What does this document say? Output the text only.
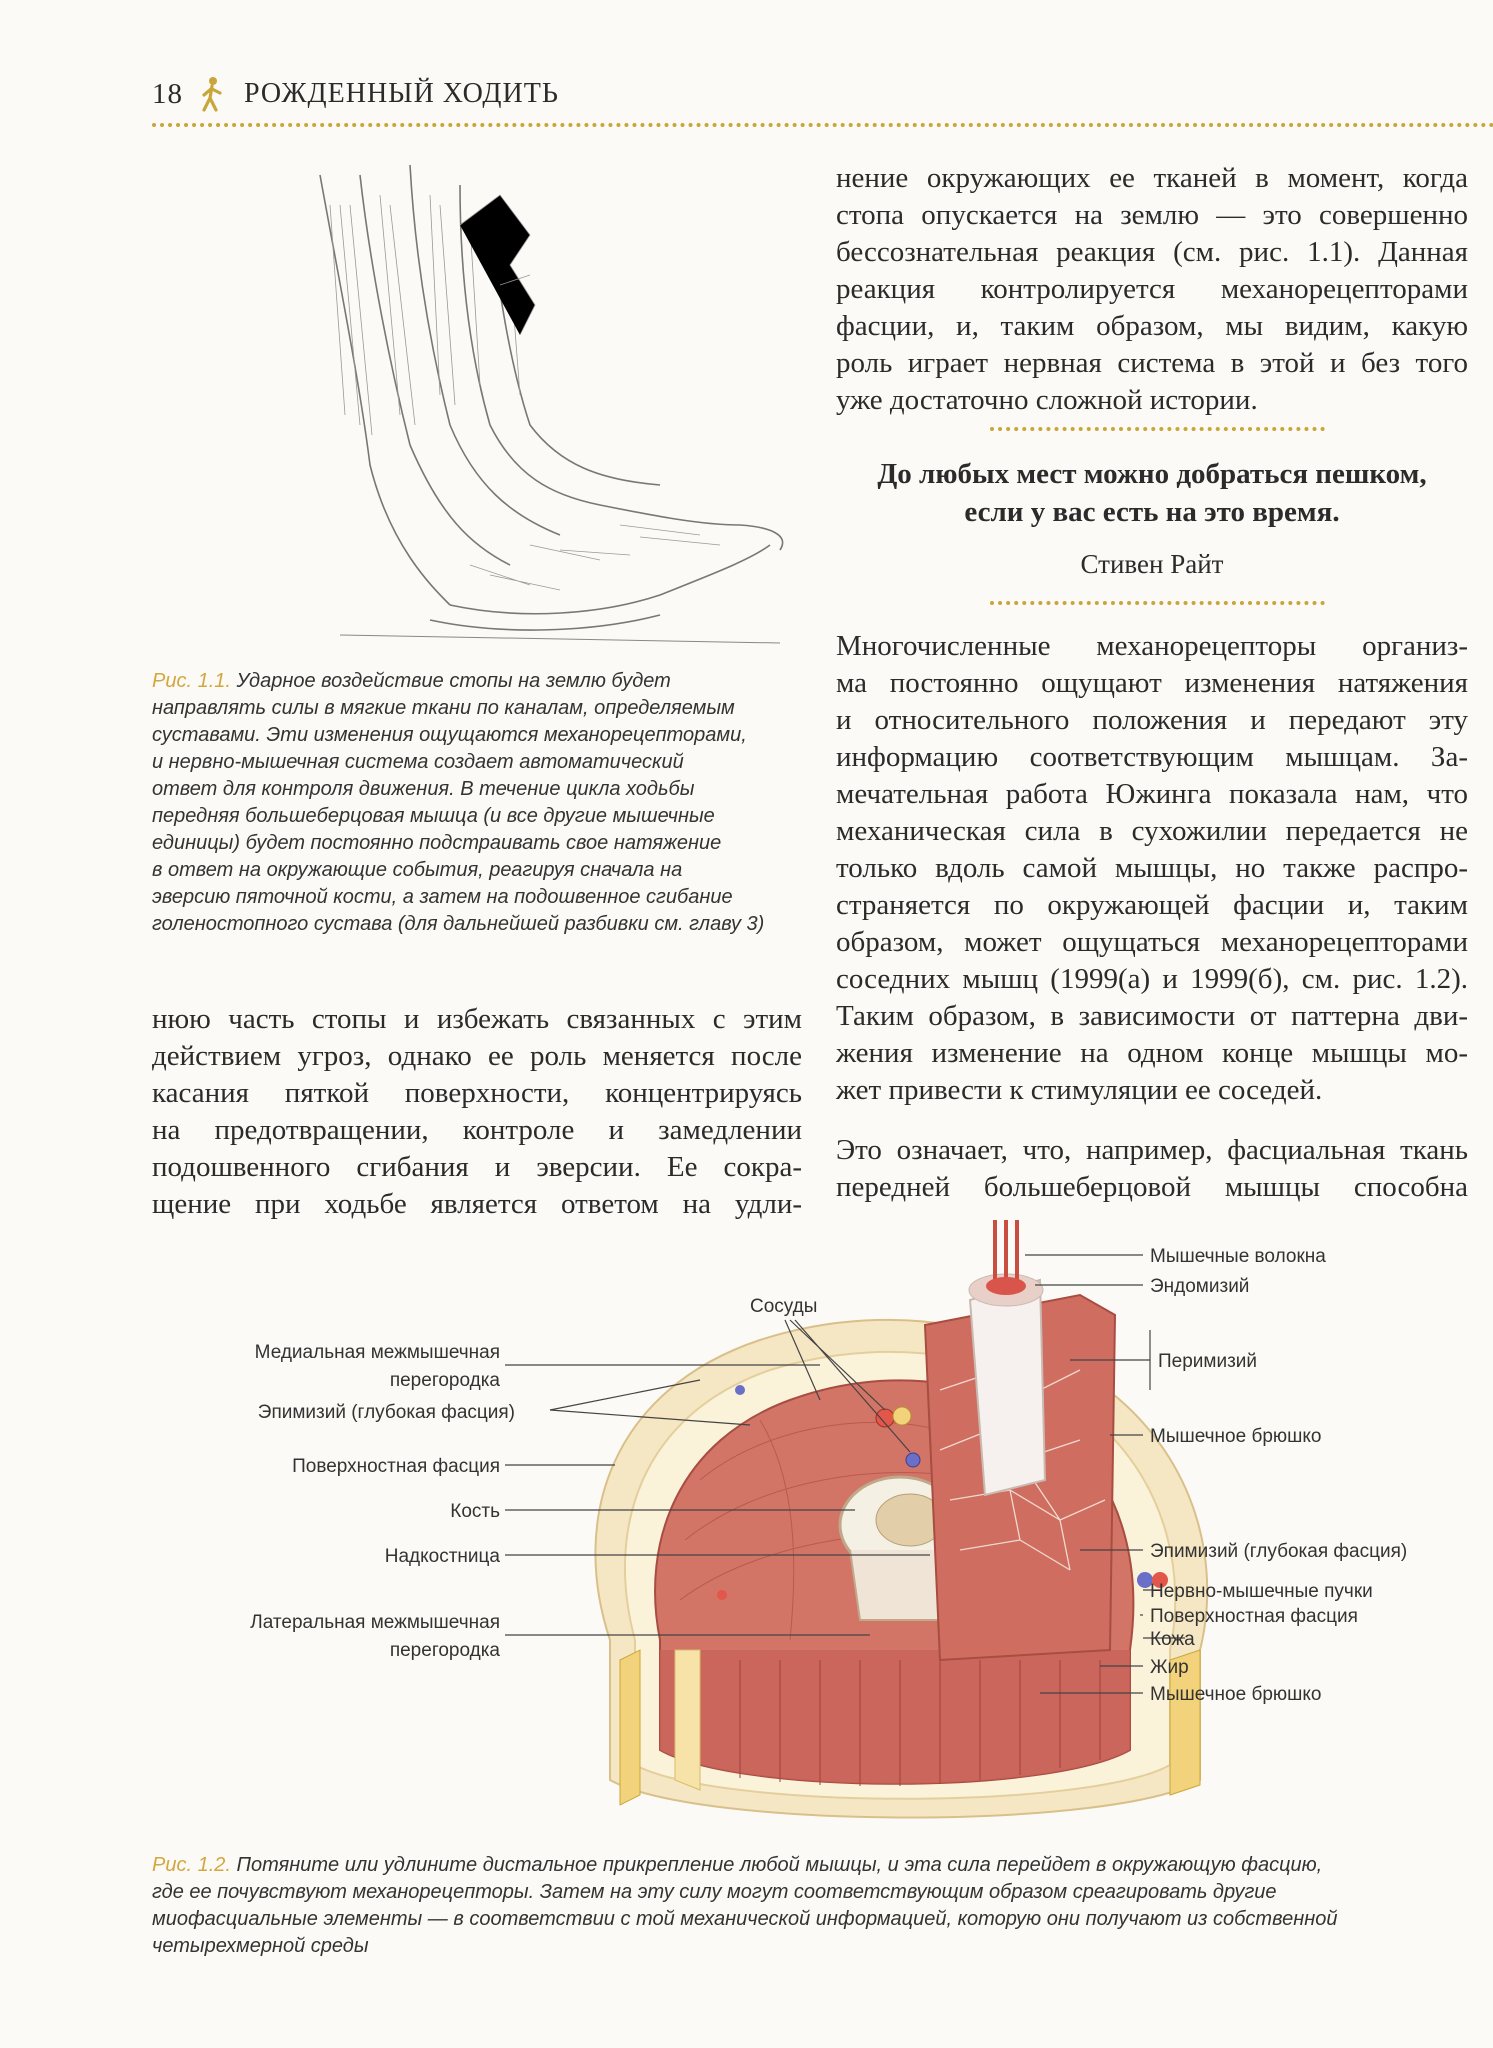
18 РОЖДЕННЫЙ ХОДИТЬ
Рис. 1.1. Ударное воздействие стопы на землю будет
направлять силы в мягкие ткани по каналам, определяемым
суставами. Эти изменения ощущаются механорецепторами,
и нервно-мышечная система создает автоматический
ответ для контроля движения. В течение цикла ходьбы
передняя большеберцовая мышца (и все другие мышечные
единицы) будет постоянно подстраивать свое натяжение
в ответ на окружающие события, реагируя сначала на
эверсию пяточной кости, а затем на подошвенное сгибание
голеностопного сустава (для дальнейшей разбивки см. главу 3)
нение окружающих ее тканей в момент, когда
стопа опускается на землю — это совершенно
бессознательная реакция (см. рис. 1.1). Данная
реакция контролируется механорецепторами
фасции, и, таким образом, мы видим, какую
роль играет нервная система в этой и без того
уже достаточно сложной истории.
До любых мест можно добраться пешком,
если у вас есть на это время.
Стивен Райт
Многочисленные механорецепторы организ-
ма постоянно ощущают изменения натяжения
и относительного положения и передают эту
информацию соответствующим мышцам. За-
мечательная работа Южинга показала нам, что
механическая сила в сухожилии передается не
только вдоль самой мышцы, но также распро-
страняется по окружающей фасции и, таким
образом, может ощущаться механорецепторами
соседних мышц (1999(а) и 1999(б), см. рис. 1.2).
Таким образом, в зависимости от паттерна дви-
жения изменение на одном конце мышцы мо-
жет привести к стимуляции ее соседей.
Это означает, что, например, фасциальная ткань
передней большеберцовой мышцы способна
нюю часть стопы и избежать связанных с этим
действием угроз, однако ее роль меняется после
касания пяткой поверхности, концентрируясь
на предотвращении, контроле и замедлении
подошвенного сгибания и эверсии. Ее сокра-
щение при ходьбе является ответом на удли-
Сосуды
Медиальная межмышечная
перегородка
Эпимизий (глубокая фасция)
Поверхностная фасция
Кость
Надкостница
Латеральная межмышечная
перегородка
Мышечные волокна
Эндомизий
Перимизий
Мышечное брюшко
Эпимизий (глубокая фасция)
Нервно-мышечные пучки
Поверхностная фасция
Кожа
Жир
Мышечное брюшко
Рис. 1.2. Потяните или удлините дистальное прикрепление любой мышцы, и эта сила перейдет в окружающую фасцию,
где ее почувствуют механорецепторы. Затем на эту силу могут соответствующим образом среагировать другие
миофасциальные элементы — в соответствии с той механической информацией, которую они получают из собственной
четырехмерной среды
